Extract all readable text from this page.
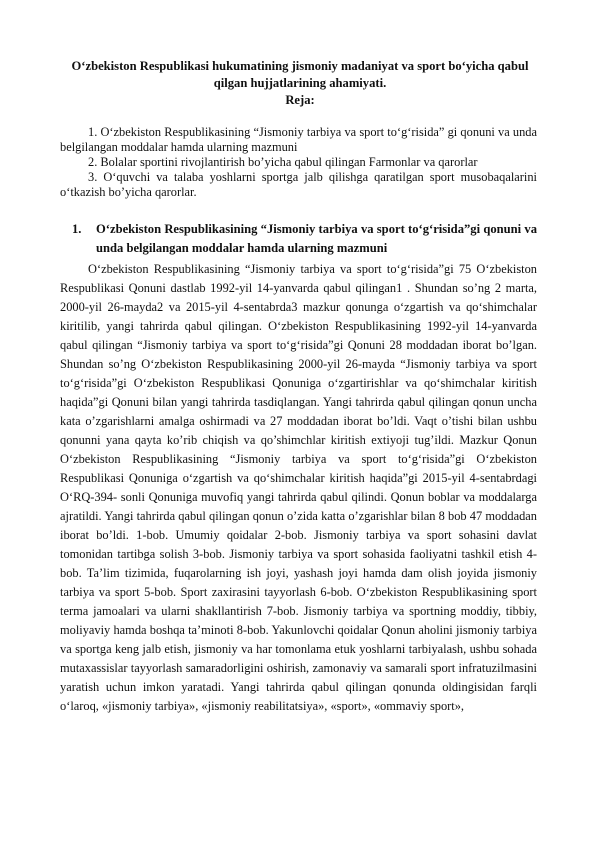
O‘zbekiston Respublikasi hukumatining jismoniy madaniyat va sport bo‘yicha qabul qilgan hujjatlarining ahamiyati.
Reja:

1. O‘zbekiston Respublikasining “Jismoniy tarbiya va sport to‘g‘risida” gi qonuni va unda belgilangan moddalar hamda ularning mazmuni

2. Bolalar sportini rivojlantirish bo’yicha qabul qilingan Farmonlar va qarorlar

3. O‘quvchi va talaba yoshlarni sportga jalb qilishga qaratilgan sport musobaqalarini o‘tkazish bo’yicha qarorlar.

1. O‘zbekiston Respublikasining “Jismoniy tarbiya va sport to‘g‘risida”gi qonuni va unda belgilangan moddalar hamda ularning mazmuni

O‘zbekiston Respublikasining “Jismoniy tarbiya va sport to‘g‘risida”gi 75 O‘zbekiston Respublikasi Qonuni dastlab 1992-yil 14-yanvarda qabul qilingan1 . Shundan so’ng 2 marta, 2000-yil 26-mayda2 va 2015-yil 4-sentabrda3 mazkur qonunga o‘zgartish va qo‘shimchalar kiritilib, yangi tahrirda qabul qilingan. O‘zbekiston Respublikasining 1992-yil 14-yanvarda qabul qilingan “Jismoniy tarbiya va sport to‘g‘risida”gi Qonuni 28 moddadan iborat bo’lgan. Shundan so’ng O‘zbekiston Respublikasining 2000-yil 26-mayda “Jismoniy tarbiya va sport to‘g‘risida”gi O‘zbekiston Respublikasi Qonuniga o‘zgartirishlar va qo‘shimchalar kiritish haqida”gi Qonuni bilan yangi tahrirda tasdiqlangan. Yangi tahrirda qabul qilingan qonun uncha kata o’zgarishlarni amalga oshirmadi va 27 moddadan iborat bo’ldi. Vaqt o’tishi bilan ushbu qonunni yana qayta ko’rib chiqish va qo’shimchlar kiritish extiyoji tug’ildi. Mazkur Qonun O‘zbekiston Respublikasining “Jismoniy tarbiya va sport to‘g‘risida”gi O‘zbekiston Respublikasi Qonuniga o‘zgartish va qo‘shimchalar kiritish haqida”gi 2015-yil 4-sentabrdagi O‘RQ-394- sonli Qonuniga muvofiq yangi tahrirda qabul qilindi. Qonun boblar va moddalarga ajratildi. Yangi tahrirda qabul qilingan qonun o’zida katta o’zgarishlar bilan 8 bob 47 moddadan iborat bo’ldi. 1-bob. Umumiy qoidalar 2-bob. Jismoniy tarbiya va sport sohasini davlat tomonidan tartibga solish 3-bob. Jismoniy tarbiya va sport sohasida faoliyatni tashkil etish 4-bob. Ta’lim tizimida, fuqarolarning ish joyi, yashash joyi hamda dam olish joyida jismoniy tarbiya va sport 5-bob. Sport zaxirasini tayyorlash 6-bob. O‘zbekiston Respublikasining sport terma jamoalari va ularni shakllantirish 7-bob. Jismoniy tarbiya va sportning moddiy, tibbiy, moliyaviy hamda boshqa ta’minoti 8-bob. Yakunlovchi qoidalar Qonun aholini jismoniy tarbiya va sportga keng jalb etish, jismoniy va har tomonlama etuk yoshlarni tarbiyalash, ushbu sohada mutaxassislar tayyorlash samaradorligini oshirish, zamonaviy va samarali sport infratuzilmasini yaratish uchun imkon yaratadi. Yangi tahrirda qabul qilingan qonunda oldingisidan farqli o‘laroq, «jismoniy tarbiya», «jismoniy reabilitatsiya», «sport», «ommaviy sport»,
